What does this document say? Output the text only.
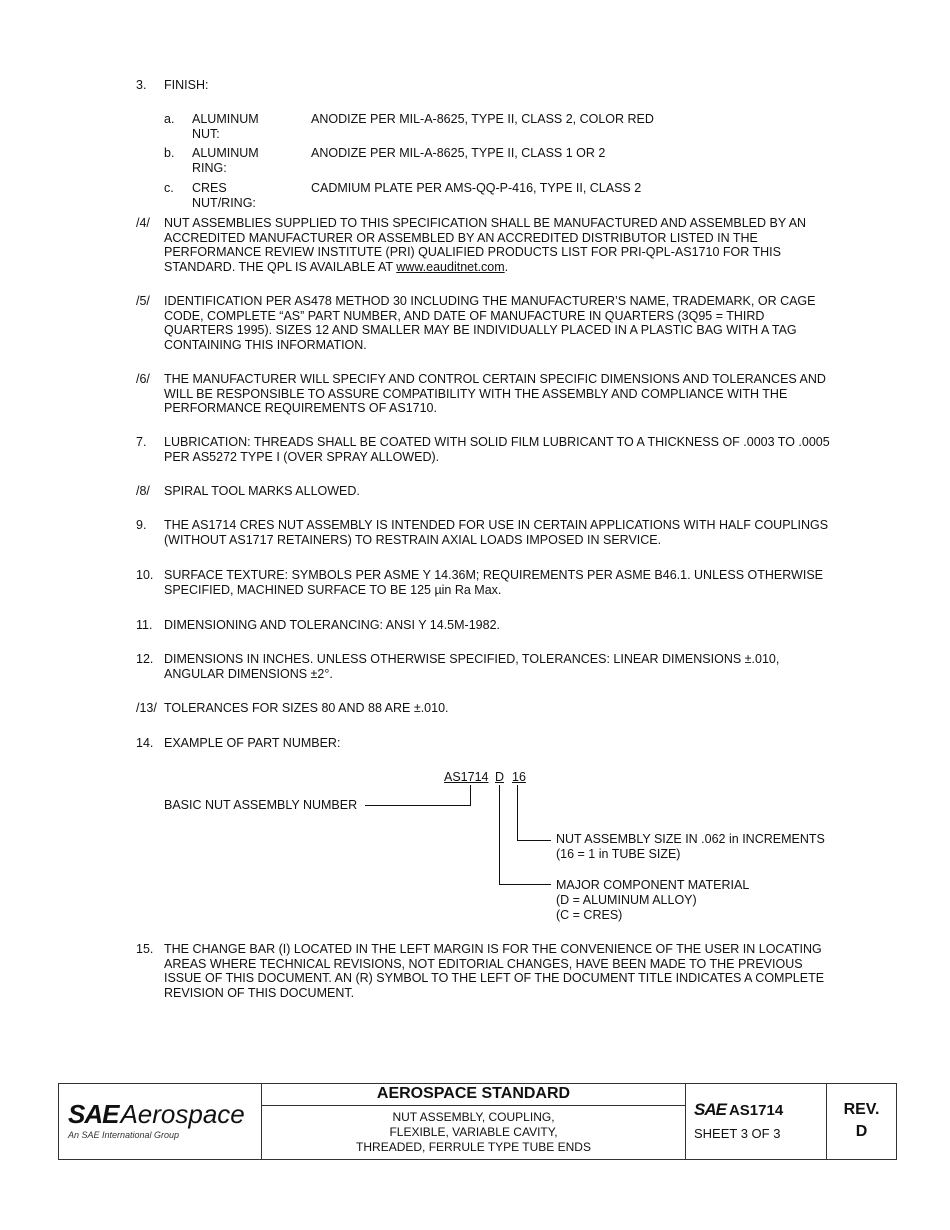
3. FINISH:
a. ALUMINUM NUT:
ANODIZE PER MIL-A-8625, TYPE II, CLASS 2, COLOR RED
b. ALUMINUM RING:
ANODIZE PER MIL-A-8625, TYPE II, CLASS 1 OR 2
c. CRES NUT/RING:
CADMIUM PLATE PER AMS-QQ-P-416, TYPE II, CLASS 2
/4/ NUT ASSEMBLIES SUPPLIED TO THIS SPECIFICATION SHALL BE MANUFACTURED AND ASSEMBLED BY AN ACCREDITED MANUFACTURER OR ASSEMBLED BY AN ACCREDITED DISTRIBUTOR LISTED IN THE PERFORMANCE REVIEW INSTITUTE (PRI) QUALIFIED PRODUCTS LIST FOR PRI-QPL-AS1710 FOR THIS STANDARD. THE QPL IS AVAILABLE AT www.eauditnet.com.
/5/ IDENTIFICATION PER AS478 METHOD 30 INCLUDING THE MANUFACTURER’S NAME, TRADEMARK, OR CAGE CODE, COMPLETE “AS” PART NUMBER, AND DATE OF MANUFACTURE IN QUARTERS (3Q95 = THIRD QUARTERS 1995). SIZES 12 AND SMALLER MAY BE INDIVIDUALLY PLACED IN A PLASTIC BAG WITH A TAG CONTAINING THIS INFORMATION.
/6/ THE MANUFACTURER WILL SPECIFY AND CONTROL CERTAIN SPECIFIC DIMENSIONS AND TOLERANCES AND WILL BE RESPONSIBLE TO ASSURE COMPATIBILITY WITH THE ASSEMBLY AND COMPLIANCE WITH THE PERFORMANCE REQUIREMENTS OF AS1710.
7. LUBRICATION: THREADS SHALL BE COATED WITH SOLID FILM LUBRICANT TO A THICKNESS OF .0003 TO .0005 PER AS5272 TYPE I (OVER SPRAY ALLOWED).
/8/ SPIRAL TOOL MARKS ALLOWED.
9. THE AS1714 CRES NUT ASSEMBLY IS INTENDED FOR USE IN CERTAIN APPLICATIONS WITH HALF COUPLINGS (WITHOUT AS1717 RETAINERS) TO RESTRAIN AXIAL LOADS IMPOSED IN SERVICE.
10. SURFACE TEXTURE: SYMBOLS PER ASME Y 14.36M; REQUIREMENTS PER ASME B46.1. UNLESS OTHERWISE SPECIFIED, MACHINED SURFACE TO BE 125 µin Ra Max.
11. DIMENSIONING AND TOLERANCING: ANSI Y 14.5M-1982.
12. DIMENSIONS IN INCHES. UNLESS OTHERWISE SPECIFIED, TOLERANCES: LINEAR DIMENSIONS ±.010, ANGULAR DIMENSIONS ±2°.
/13/ TOLERANCES FOR SIZES 80 AND 88 ARE ±.010.
14. EXAMPLE OF PART NUMBER:
AS1714 D 16
BASIC NUT ASSEMBLY NUMBER
NUT ASSEMBLY SIZE IN .062 in INCREMENTS
(16 = 1 in TUBE SIZE)
MAJOR COMPONENT MATERIAL
(D = ALUMINUM ALLOY)
(C = CRES)
15. THE CHANGE BAR (I) LOCATED IN THE LEFT MARGIN IS FOR THE CONVENIENCE OF THE USER IN LOCATING AREAS WHERE TECHNICAL REVISIONS, NOT EDITORIAL CHANGES, HAVE BEEN MADE TO THE PREVIOUS ISSUE OF THIS DOCUMENT. AN (R) SYMBOL TO THE LEFT OF THE DOCUMENT TITLE INDICATES A COMPLETE REVISION OF THIS DOCUMENT.
SAEAerospace
An SAE International Group
AEROSPACE STANDARD
NUT ASSEMBLY, COUPLING,
FLEXIBLE, VARIABLE CAVITY,
THREADED, FERRULE TYPE TUBE ENDS
SAE AS1714
SHEET 3 OF 3
REV.
D
